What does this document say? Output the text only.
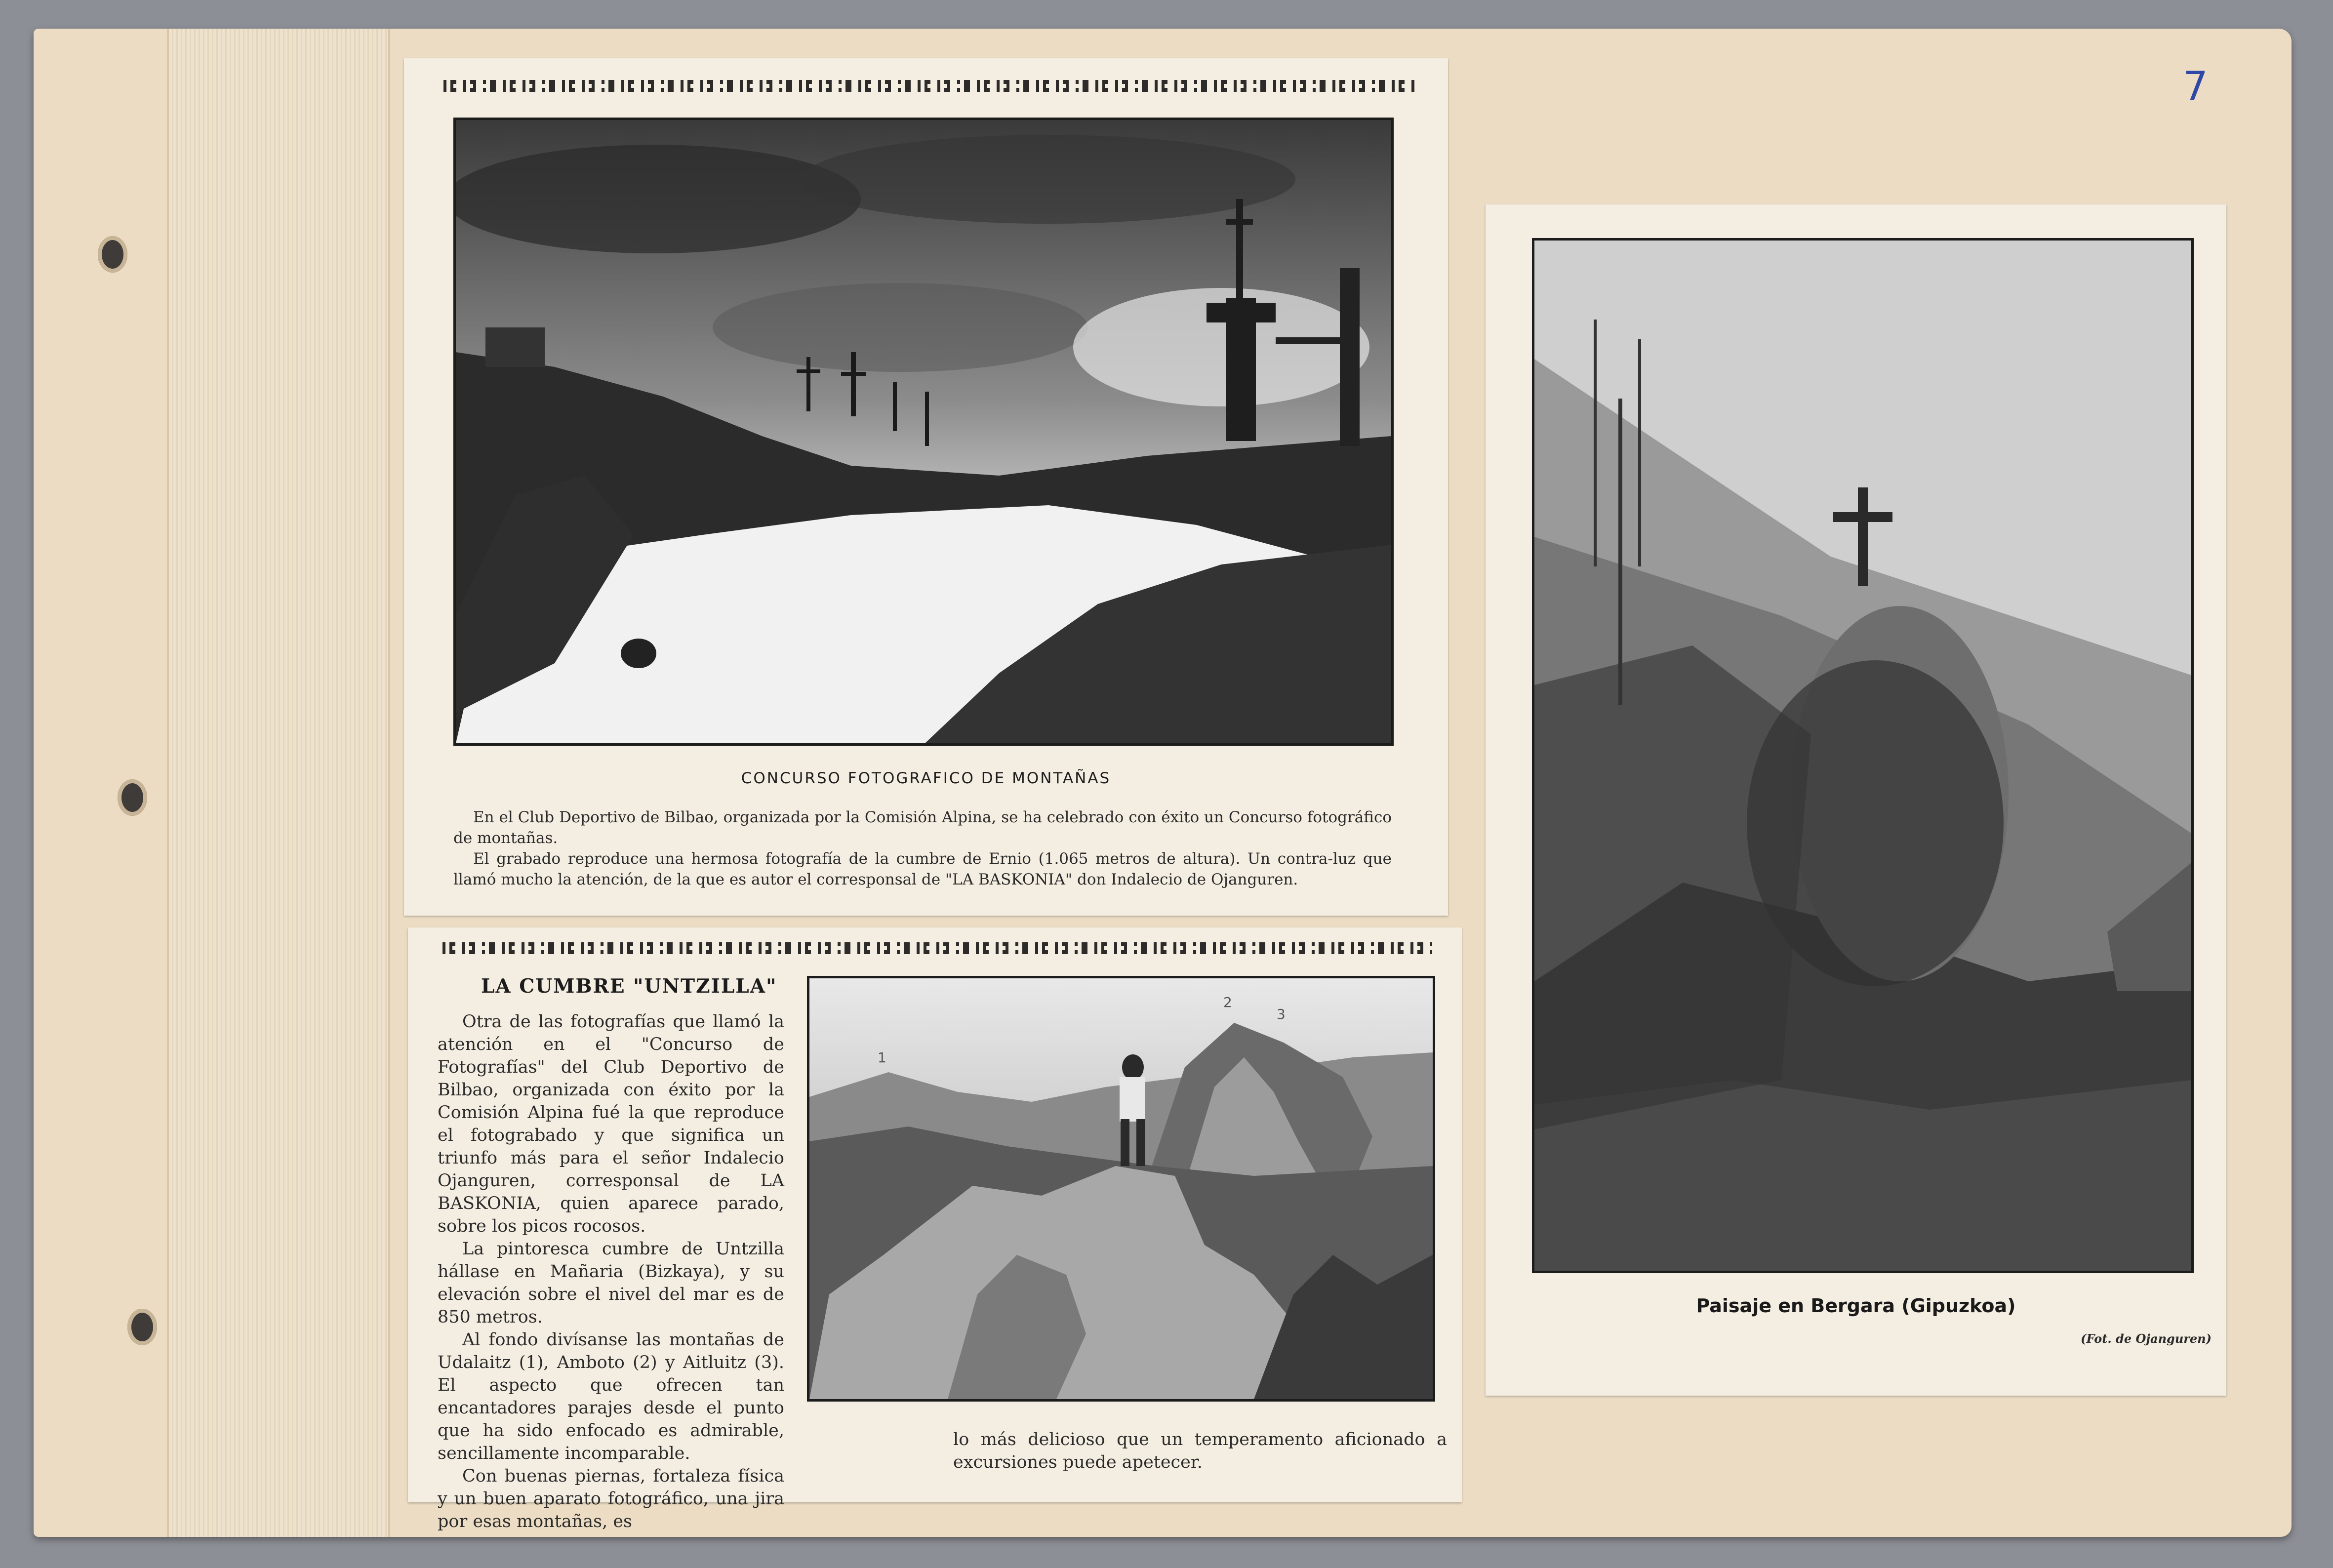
7
CONCURSO FOTOGRAFICO DE MONTAÑAS

En el Club Deportivo de Bilbao, organizada por la Comisión Alpina, se ha celebrado con éxito un Concurso fotográfico de montañas.

El grabado reproduce una hermosa fotografía de la cumbre de Ernio (1.065 metros de altura). Un contra-luz que llamó mucho la atención, de la que es autor el corresponsal de "LA BASKONIA" don Indalecio de Ojanguren.

LA CUMBRE "UNTZILLA"

Otra de las fotografías que llamó la atención en el "Concurso de Fotografías" del Club Deportivo de Bilbao, organizada con éxito por la Comisión Alpina fué la que reproduce el fotograbado y que significa un triunfo más para el señor Indalecio Ojanguren, corresponsal de LA BASKONIA, quien aparece parado, sobre los picos rocosos.

La pintoresca cumbre de Untzilla hállase en Mañaria (Bizkaya), y su elevación sobre el nivel del mar es de 850 metros.

Al fondo divísanse las montañas de Udalaitz (1), Amboto (2) y Aitluitz (3). El aspecto que ofrecen tan encantadores parajes desde el punto que ha sido enfocado es admirable, sencillamente incomparable.

Con buenas piernas, fortaleza física y un buen aparato fotográfico, una jira por esas montañas, es

lo más delicioso que un temperamento aficionado a excursiones puede apetecer.
1
2
3
Paisaje en Bergara (Gipuzkoa)
(Fot. de Ojanguren)
